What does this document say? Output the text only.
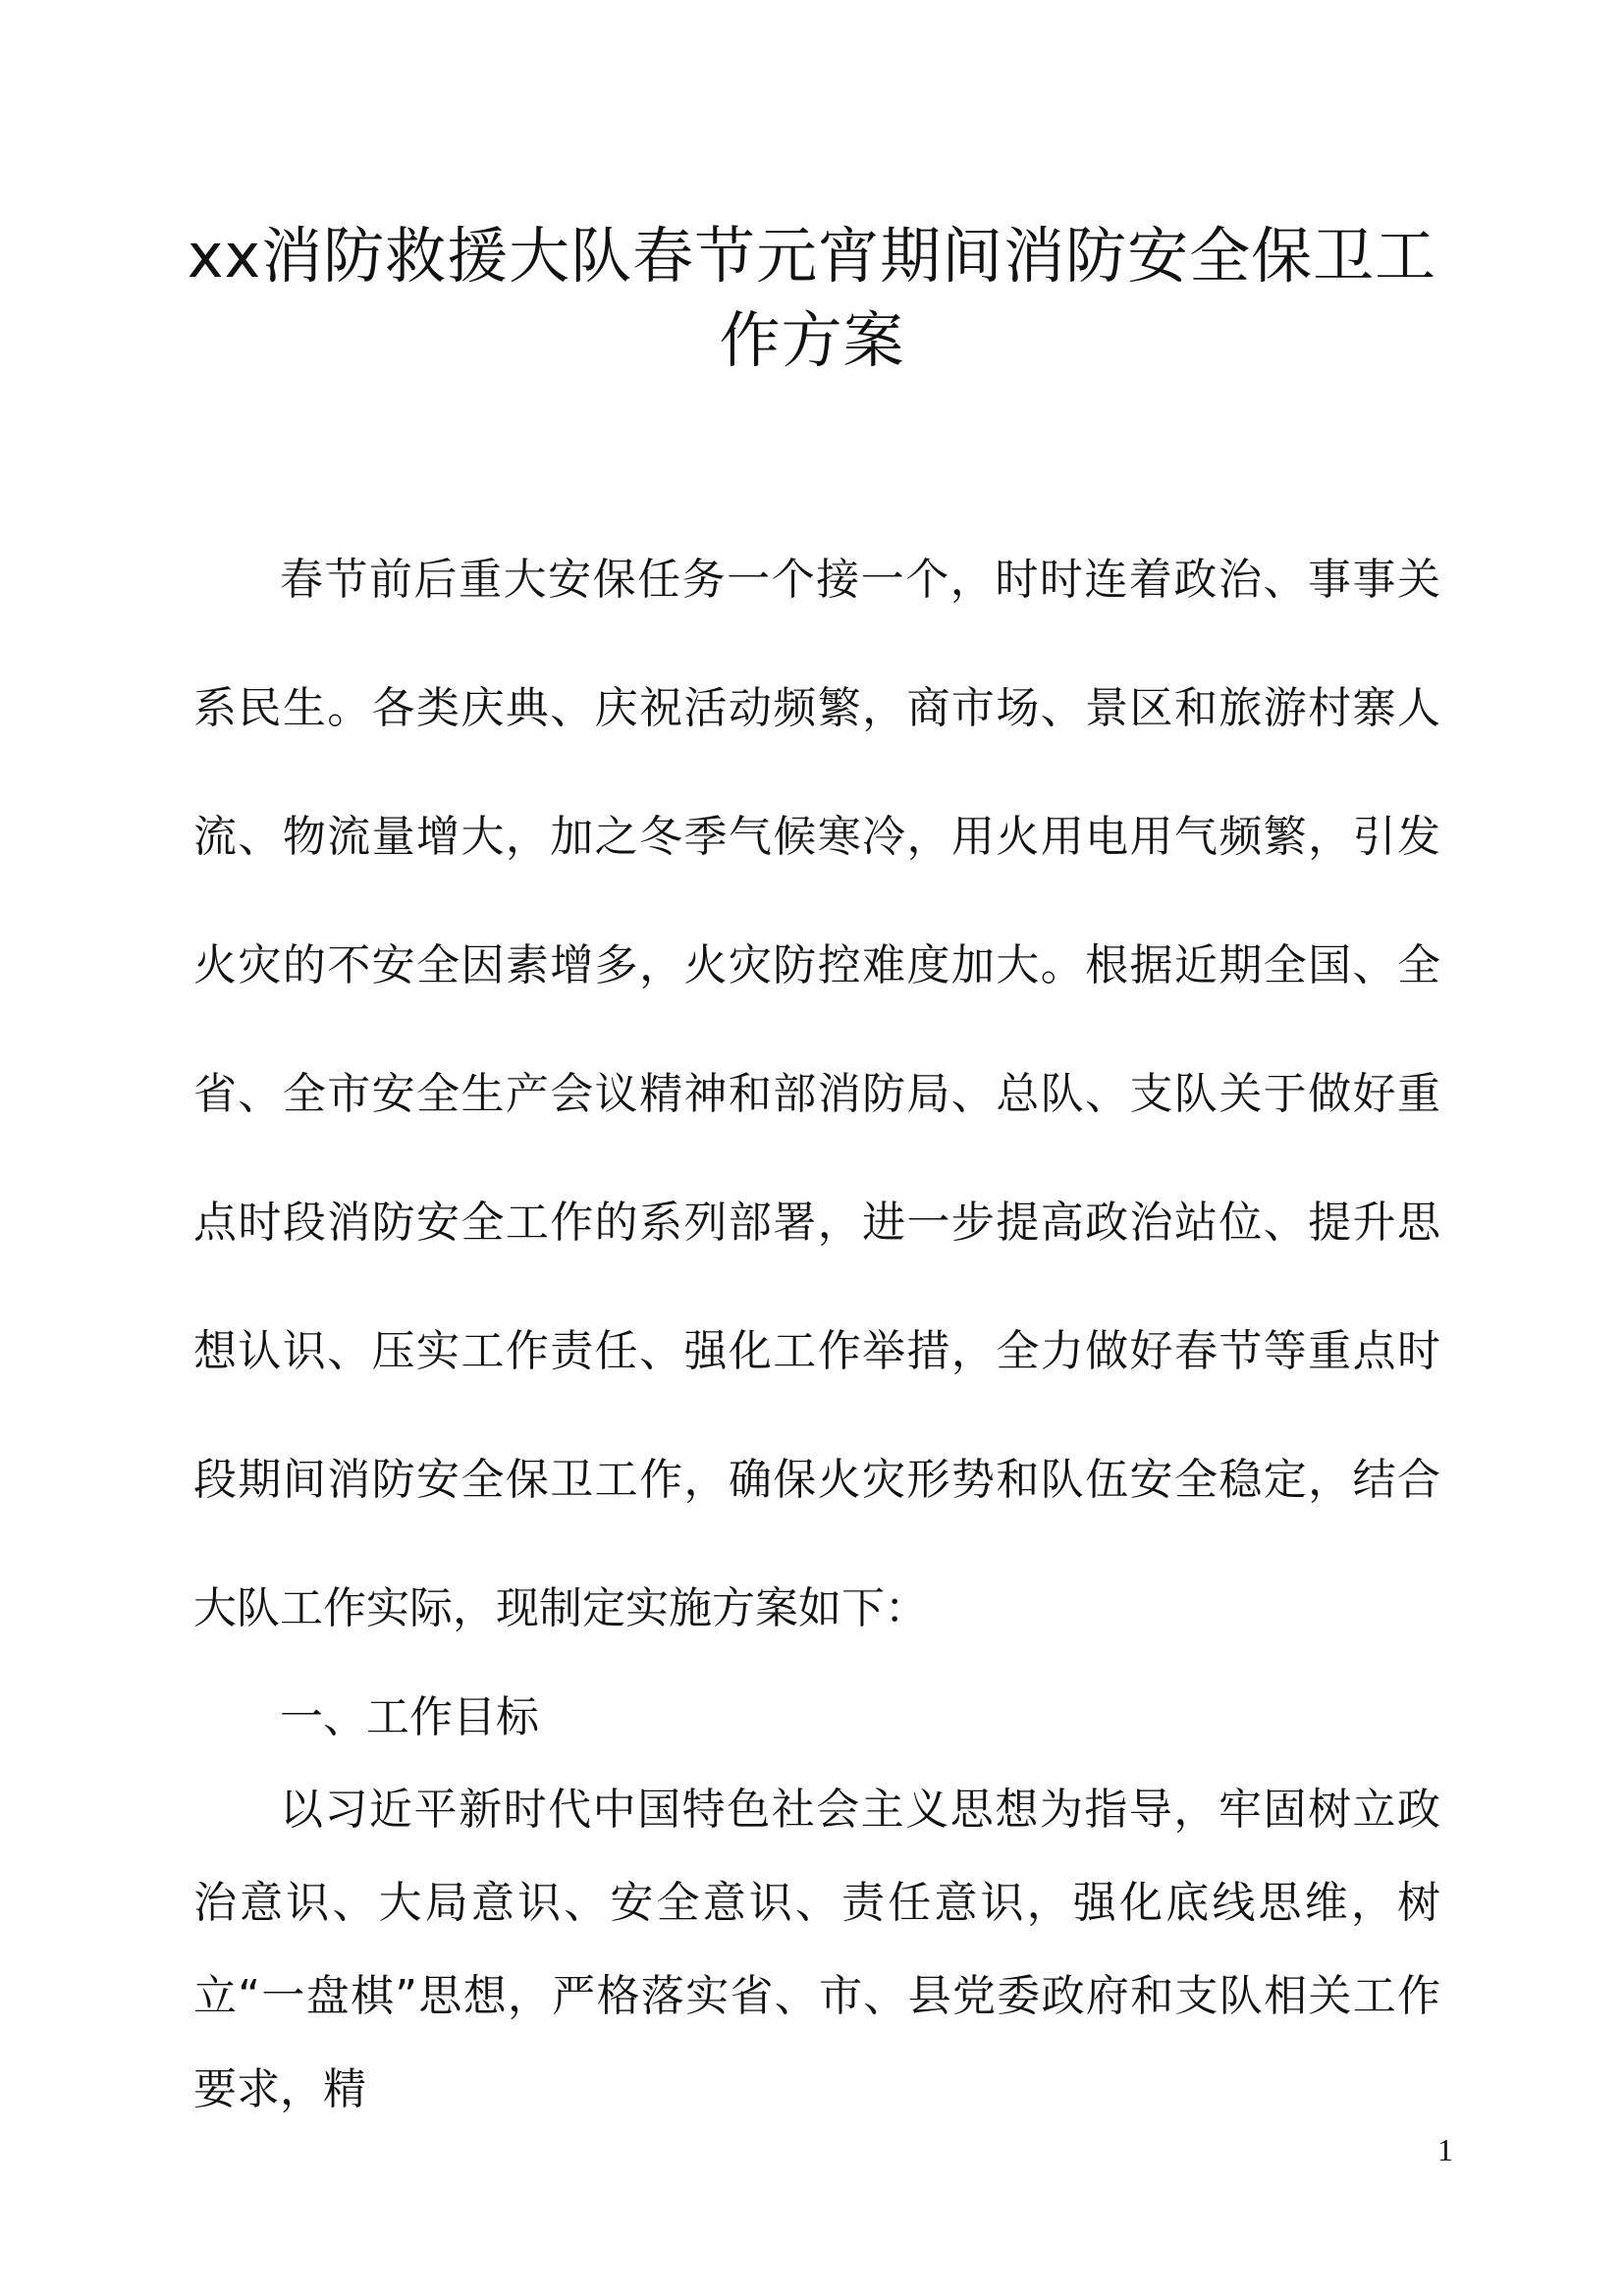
xx消防救援大队春节元宵期间消防安全保卫工作方案

春节前后重大安保任务一个接一个，时时连着政治、事事关系民生。各类庆典、庆祝活动频繁，商市场、景区和旅游村寨人流、物流量增大，加之冬季气候寒冷，用火用电用气频繁，引发火灾的不安全因素增多，火灾防控难度加大。根据近期全国、全省、全市安全生产会议精神和部消防局、总队、支队关于做好重点时段消防安全工作的系列部署，进一步提高政治站位、提升思想认识、压实工作责任、强化工作举措，全力做好春节等重点时段期间消防安全保卫工作，确保火灾形势和队伍安全稳定，结合大队工作实际，现制定实施方案如下：

一、工作目标

以习近平新时代中国特色社会主义思想为指导，牢固树立政治意识、大局意识、安全意识、责任意识，强化底线思维，树立“一盘棋”思想，严格落实省、市、县党委政府和支队相关工作要求，精

1
